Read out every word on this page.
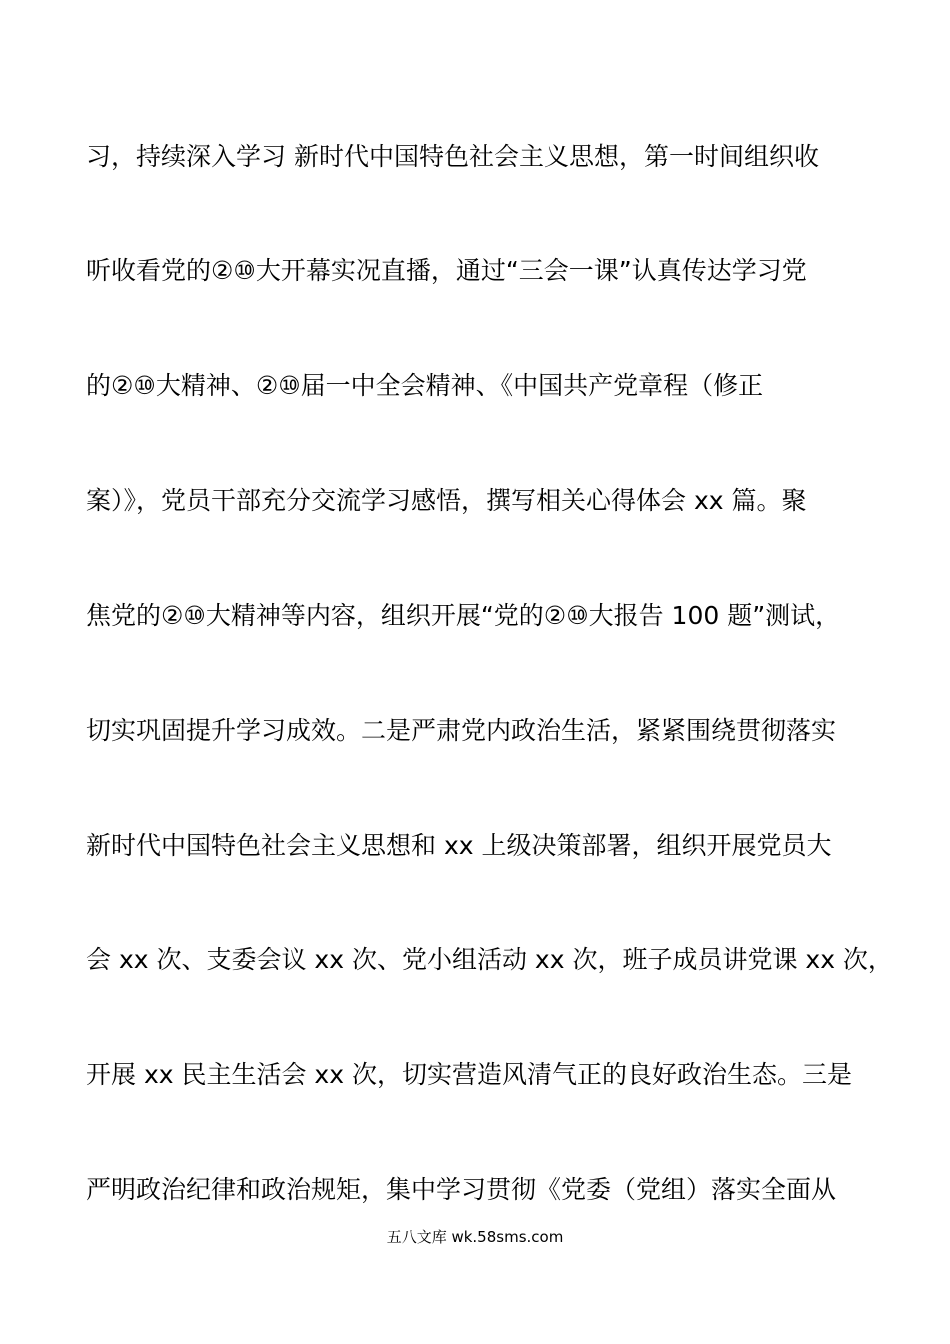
习，持续深入学习 新时代中国特色社会主义思想，第一时间组织收
听收看党的②⑩大开幕实况直播，通过“三会一课”认真传达学习党
的②⑩大精神、②⑩届一中全会精神、《中国共产党章程（修正
案）》，党员干部充分交流学习感悟，撰写相关心得体会 xx 篇。聚
焦党的②⑩大精神等内容，组织开展“党的②⑩大报告 100 题”测试，
切实巩固提升学习成效。二是严肃党内政治生活，紧紧围绕贯彻落实
新时代中国特色社会主义思想和 xx 上级决策部署，组织开展党员大
会 xx 次、支委会议 xx 次、党小组活动 xx 次，班子成员讲党课 xx 次，
开展 xx 民主生活会 xx 次，切实营造风清气正的良好政治生态。三是
严明政治纪律和政治规矩，集中学习贯彻《党委（党组）落实全面从
五八文库 wk.58sms.com
